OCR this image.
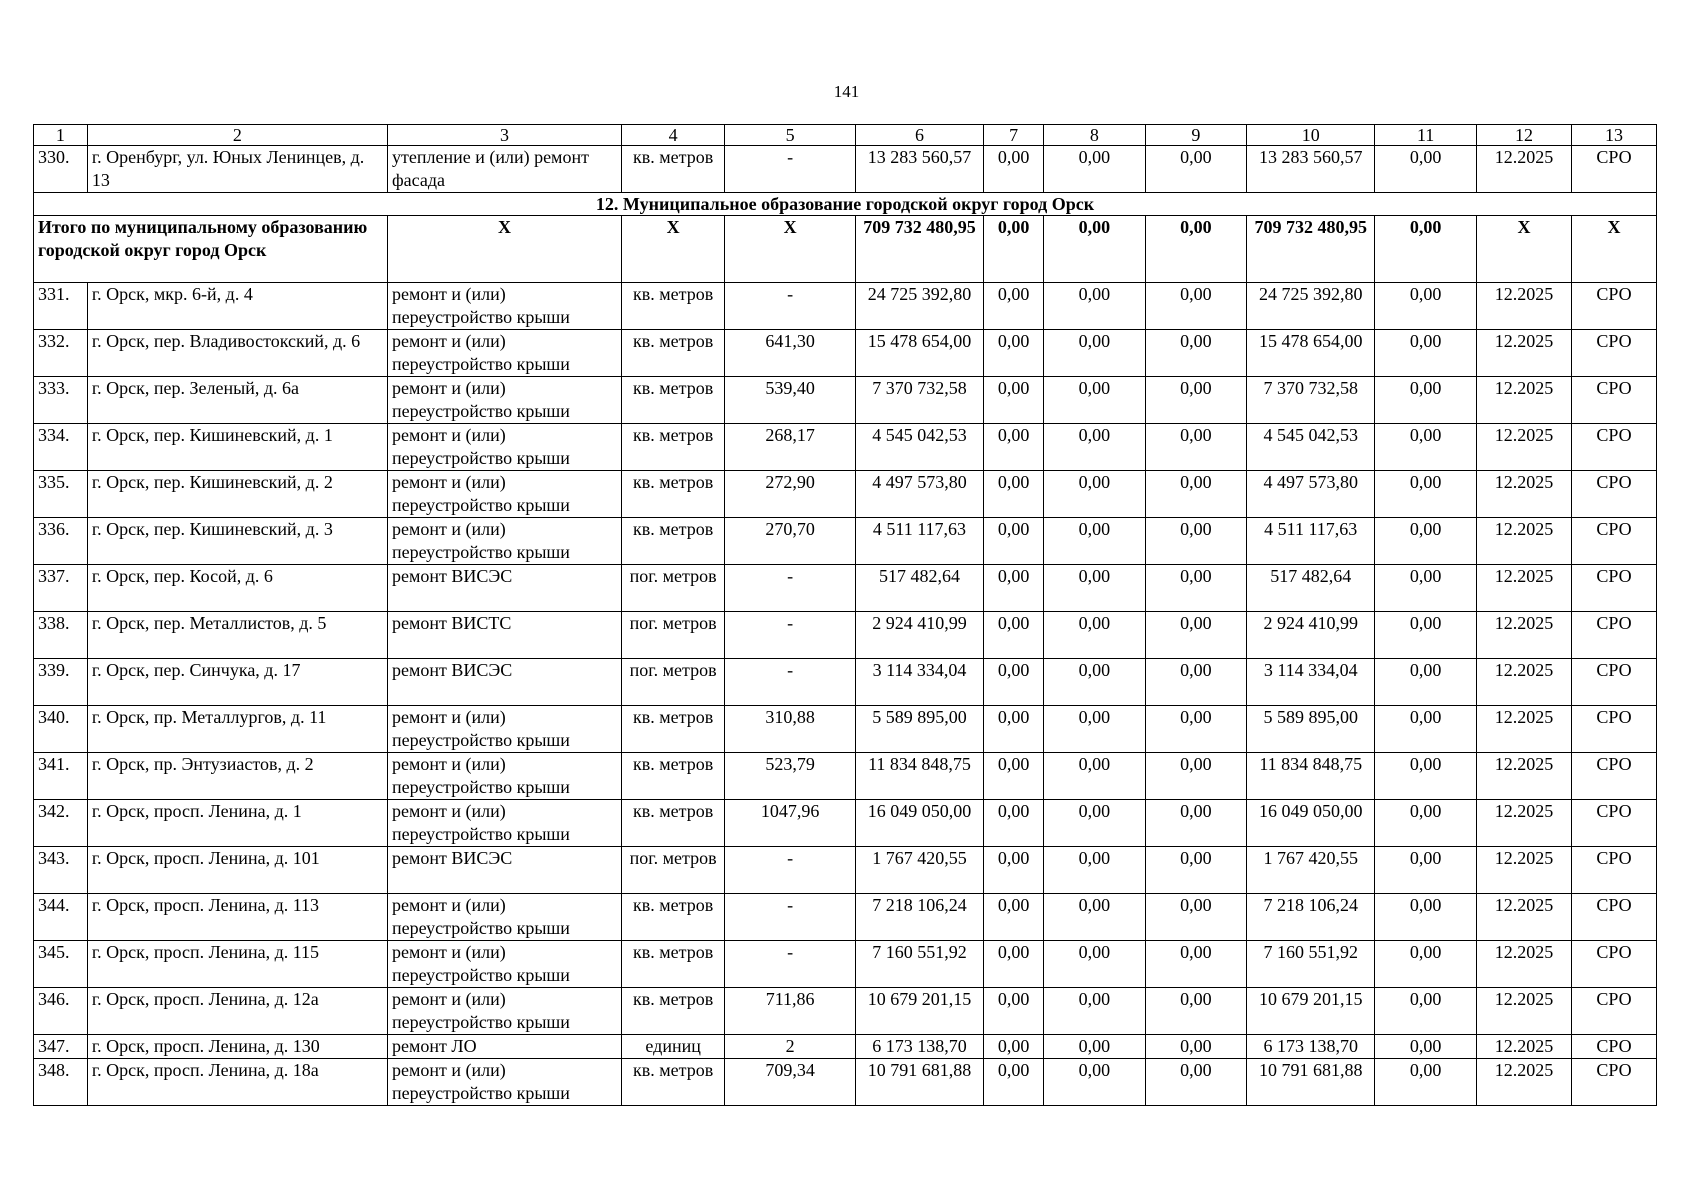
141
1	2	3	4	5	6	7	8	9	10	11	12	13
330.	г. Оренбург, ул. Юных Ленинцев, д. 13	утепление и (или) ремонт фасада	кв. метров	-	13 283 560,57	0,00	0,00	0,00	13 283 560,57	0,00	12.2025	СРО
12. Муниципальное образование городской округ город Орск												
Итого по муниципальному образованию городской округ город Орск		X	X	X	709 732 480,95	0,00	0,00	0,00	709 732 480,95	0,00	X	X
331.	г. Орск, мкр. 6-й, д. 4	ремонт и (или) переустройство крыши	кв. метров	-	24 725 392,80	0,00	0,00	0,00	24 725 392,80	0,00	12.2025	СРО
332.	г. Орск, пер. Владивостокский, д. 6	ремонт и (или) переустройство крыши	кв. метров	641,30	15 478 654,00	0,00	0,00	0,00	15 478 654,00	0,00	12.2025	СРО
333.	г. Орск, пер. Зеленый, д. 6а	ремонт и (или) переустройство крыши	кв. метров	539,40	7 370 732,58	0,00	0,00	0,00	7 370 732,58	0,00	12.2025	СРО
334.	г. Орск, пер. Кишиневский, д. 1	ремонт и (или) переустройство крыши	кв. метров	268,17	4 545 042,53	0,00	0,00	0,00	4 545 042,53	0,00	12.2025	СРО
335.	г. Орск, пер. Кишиневский, д. 2	ремонт и (или) переустройство крыши	кв. метров	272,90	4 497 573,80	0,00	0,00	0,00	4 497 573,80	0,00	12.2025	СРО
336.	г. Орск, пер. Кишиневский, д. 3	ремонт и (или) переустройство крыши	кв. метров	270,70	4 511 117,63	0,00	0,00	0,00	4 511 117,63	0,00	12.2025	СРО
337.	г. Орск, пер. Косой, д. 6	ремонт ВИСЭС	пог. метров	-	517 482,64	0,00	0,00	0,00	517 482,64	0,00	12.2025	СРО
338.	г. Орск, пер. Металлистов, д. 5	ремонт ВИСТС	пог. метров	-	2 924 410,99	0,00	0,00	0,00	2 924 410,99	0,00	12.2025	СРО
339.	г. Орск, пер. Синчука, д. 17	ремонт ВИСЭС	пог. метров	-	3 114 334,04	0,00	0,00	0,00	3 114 334,04	0,00	12.2025	СРО
340.	г. Орск, пр. Металлургов, д. 11	ремонт и (или) переустройство крыши	кв. метров	310,88	5 589 895,00	0,00	0,00	0,00	5 589 895,00	0,00	12.2025	СРО
341.	г. Орск, пр. Энтузиастов, д. 2	ремонт и (или) переустройство крыши	кв. метров	523,79	11 834 848,75	0,00	0,00	0,00	11 834 848,75	0,00	12.2025	СРО
342.	г. Орск, просп. Ленина, д. 1	ремонт и (или) переустройство крыши	кв. метров	1047,96	16 049 050,00	0,00	0,00	0,00	16 049 050,00	0,00	12.2025	СРО
343.	г. Орск, просп. Ленина, д. 101	ремонт ВИСЭС	пог. метров	-	1 767 420,55	0,00	0,00	0,00	1 767 420,55	0,00	12.2025	СРО
344.	г. Орск, просп. Ленина, д. 113	ремонт и (или) переустройство крыши	кв. метров	-	7 218 106,24	0,00	0,00	0,00	7 218 106,24	0,00	12.2025	СРО
345.	г. Орск, просп. Ленина, д. 115	ремонт и (или) переустройство крыши	кв. метров	-	7 160 551,92	0,00	0,00	0,00	7 160 551,92	0,00	12.2025	СРО
346.	г. Орск, просп. Ленина, д. 12а	ремонт и (или) переустройство крыши	кв. метров	711,86	10 679 201,15	0,00	0,00	0,00	10 679 201,15	0,00	12.2025	СРО
347.	г. Орск, просп. Ленина, д. 130	ремонт ЛО	единиц	2	6 173 138,70	0,00	0,00	0,00	6 173 138,70	0,00	12.2025	СРО
348.	г. Орск, просп. Ленина, д. 18а	ремонт и (или) переустройство крыши	кв. метров	709,34	10 791 681,88	0,00	0,00	0,00	10 791 681,88	0,00	12.2025	СРО
